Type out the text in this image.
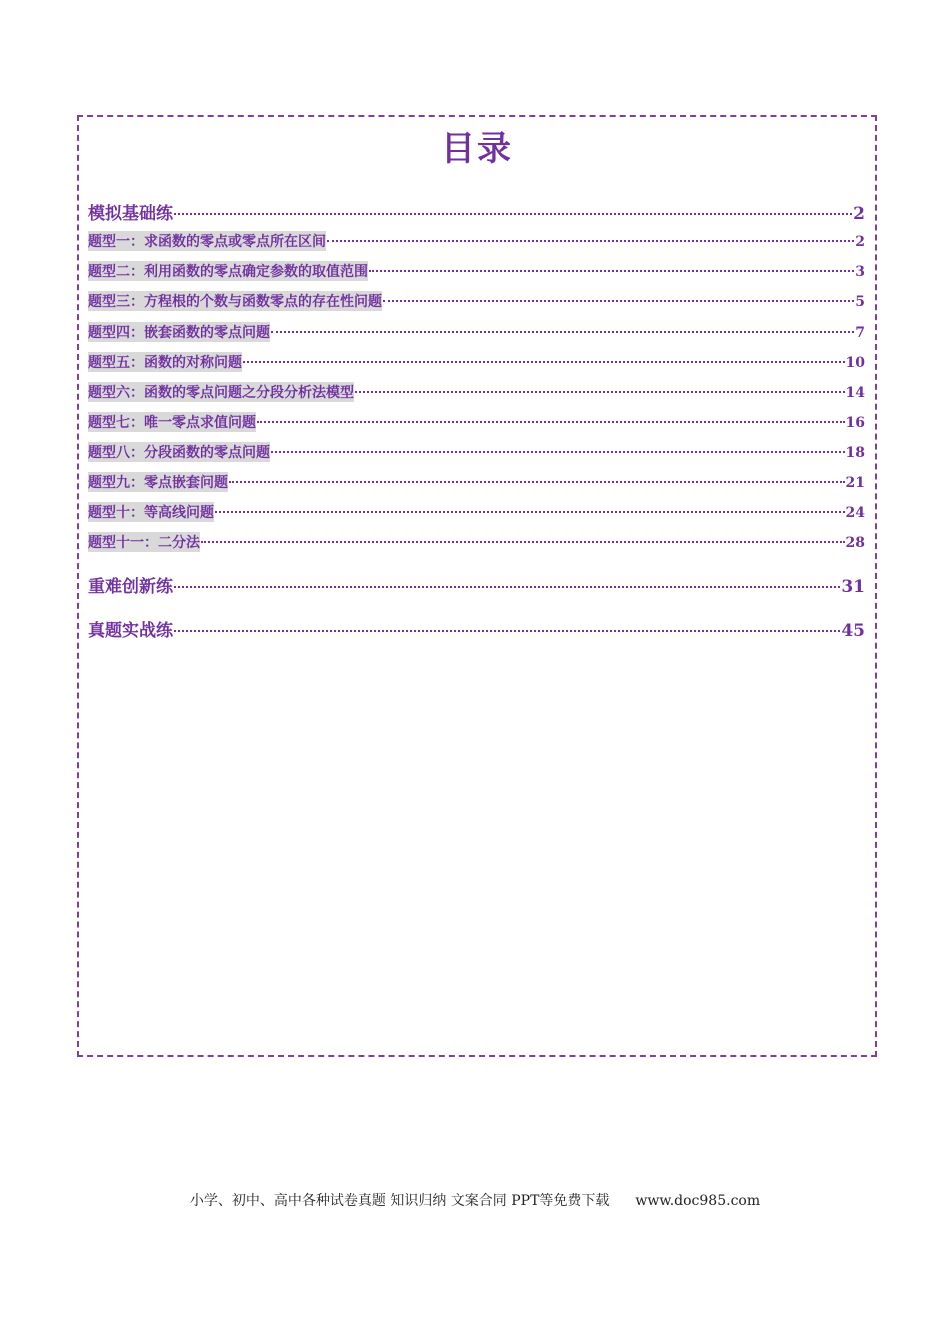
目录
模拟基础练	2
题型一：求函数的零点或零点所在区间	2
题型二：利用函数的零点确定参数的取值范围	3
题型三：方程根的个数与函数零点的存在性问题	5
题型四：嵌套函数的零点问题	7
题型五：函数的对称问题	10
题型六：函数的零点问题之分段分析法模型	14
题型七：唯一零点求值问题	16
题型八：分段函数的零点问题	18
题型九：零点嵌套问题	21
题型十：等高线问题	24
题型十一：二分法	28
重难创新练	31
真题实战练	45
小学、初中、高中各种试卷真题 知识归纳 文案合同 PPT等免费下载 www.doc985.com
